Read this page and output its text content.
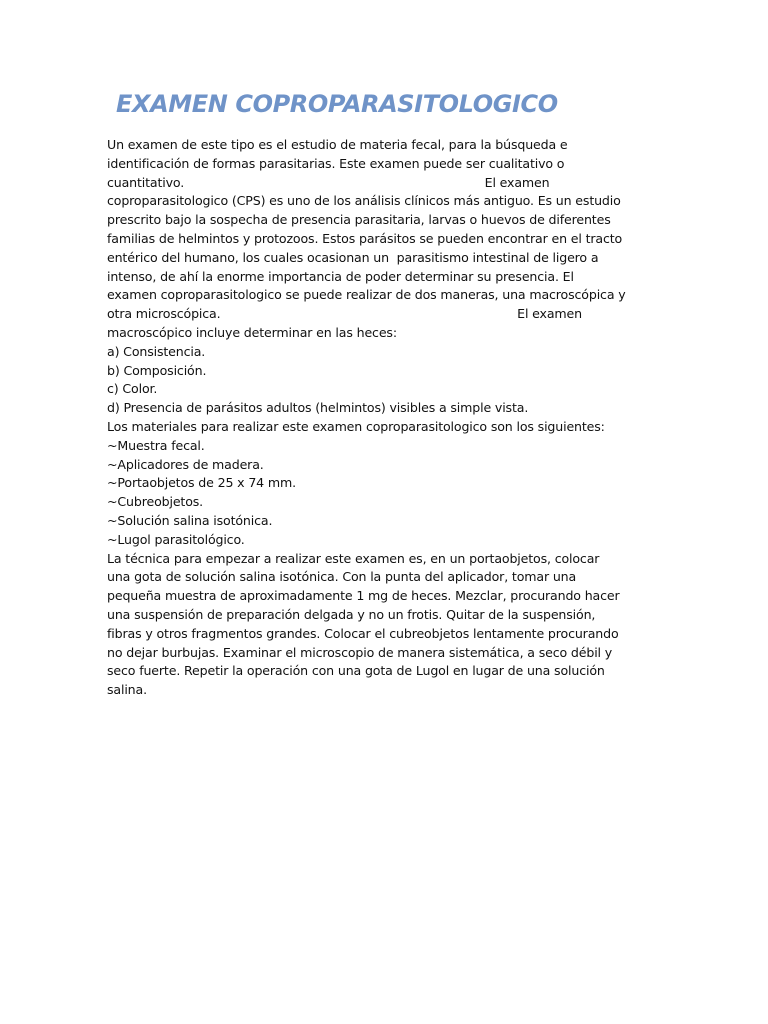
EXAMEN COPROPARASITOLOGICO
Un examen de este tipo es el estudio de materia fecal, para la búsqueda e
identificación de formas parasitarias. Este examen puede ser cualitativo o
cuantitativo.                                                                              El examen
coproparasitologico (CPS) es uno de los análisis clínicos más antiguo. Es un estudio
prescrito bajo la sospecha de presencia parasitaria, larvas o huevos de diferentes
familias de helmintos y protozoos. Estos parásitos se pueden encontrar en el tracto
entérico del humano, los cuales ocasionan un  parasitismo intestinal de ligero a
intenso, de ahí la enorme importancia de poder determinar su presencia. El
examen coproparasitologico se puede realizar de dos maneras, una macroscópica y
otra microscópica.                                                                             El examen
macroscópico incluye determinar en las heces:
a) Consistencia.
b) Composición.
c) Color.
d) Presencia de parásitos adultos (helmintos) visibles a simple vista.
Los materiales para realizar este examen coproparasitologico son los siguientes:
~Muestra fecal.
~Aplicadores de madera.
~Portaobjetos de 25 x 74 mm.
~Cubreobjetos.
~Solución salina isotónica.
~Lugol parasitológico.
La técnica para empezar a realizar este examen es, en un portaobjetos, colocar
una gota de solución salina isotónica. Con la punta del aplicador, tomar una
pequeña muestra de aproximadamente 1 mg de heces. Mezclar, procurando hacer
una suspensión de preparación delgada y no un frotis. Quitar de la suspensión,
fibras y otros fragmentos grandes. Colocar el cubreobjetos lentamente procurando
no dejar burbujas. Examinar el microscopio de manera sistemática, a seco débil y
seco fuerte. Repetir la operación con una gota de Lugol en lugar de una solución
salina.
